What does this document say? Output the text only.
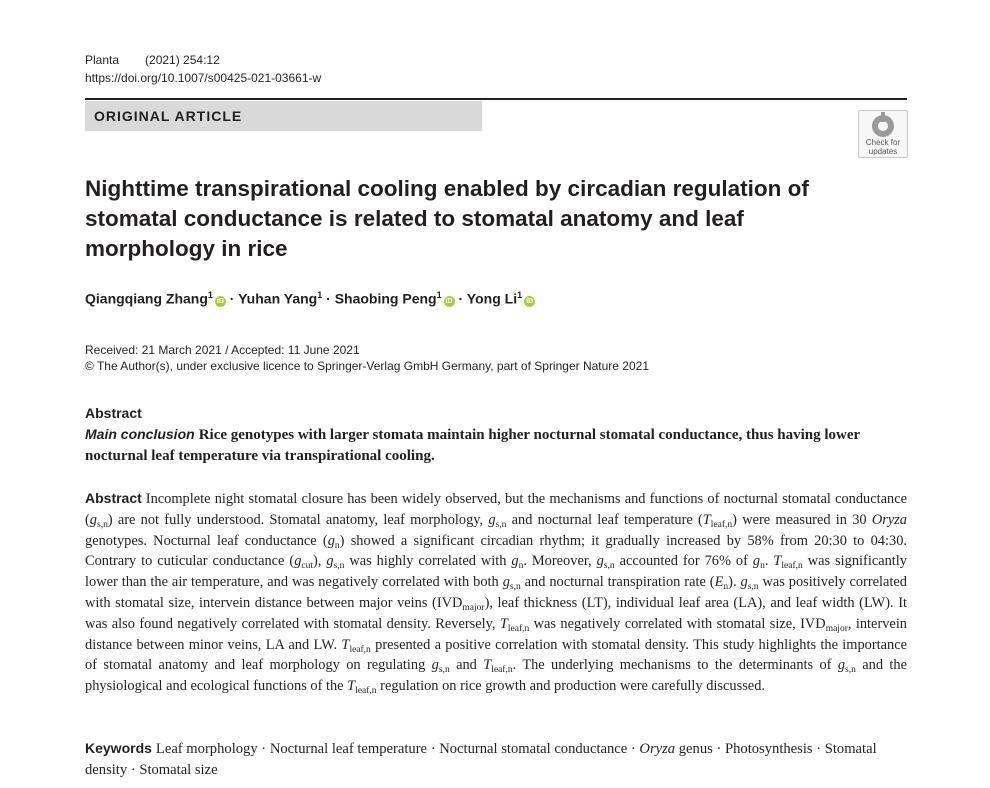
Planta (2021) 254:12
https://doi.org/10.1007/s00425-021-03661-w
ORIGINAL ARTICLE
Check for
updates
Nighttime transpirational cooling enabled by circadian regulation of stomatal conductance is related to stomatal anatomy and leaf morphology in rice
Qiangqiang Zhang$^1$iD · Yuhan Yang$^1$ · Shaobing Peng$^1$iD · Yong Li$^1$iD
Received: 21 March 2021 / Accepted: 11 June 2021
© The Author(s), under exclusive licence to Springer-Verlag GmbH Germany, part of Springer Nature 2021
Abstract
Main conclusion Rice genotypes with larger stomata maintain higher nocturnal stomatal conductance, thus having lower nocturnal leaf temperature via transpirational cooling.
Abstract Incomplete night stomatal closure has been widely observed, but the mechanisms and functions of nocturnal stomatal conductance $(g_{s,n})$ are not fully understood. Stomatal anatomy, leaf morphology, $g_{s,n}$ and nocturnal leaf temperature $(T_{leaf,n})$ were measured in 30 Oryza genotypes. Nocturnal leaf conductance $(g_n)$ showed a significant circadian rhythm; it gradually increased by 58% from 20:30 to 04:30. Contrary to cuticular conductance $(g_{cut})$, $g_{s,n}$ was highly correlated with $g_n$. Moreover, $g_{s,n}$ accounted for 76% of $g_n$. $T_{leaf,n}$ was significantly lower than the air temperature, and was negatively correlated with both $g_{s,n}$ and nocturnal transpiration rate $(E_n)$. $g_{s,n}$ was positively correlated with stomatal size, intervein distance between major veins $(IVD_{major})$, leaf thickness (LT), individual leaf area (LA), and leaf width (LW). It was also found negatively correlated with stomatal density. Reversely, $T_{leaf,n}$ was negatively correlated with stomatal size, $IVD_{major}$, intervein distance between minor veins, LA and LW. $T_{leaf,n}$ presented a positive correlation with stomatal density. This study highlights the importance of stomatal anatomy and leaf morphology on regulating $g_{s,n}$ and $T_{leaf,n}$. The underlying mechanisms to the determinants of $g_{s,n}$ and the physiological and ecological functions of the $T_{leaf,n}$ regulation on rice growth and production were carefully discussed.
Keywords Leaf morphology · Nocturnal leaf temperature · Nocturnal stomatal conductance · Oryza genus · Photosynthesis · Stomatal density · Stomatal size
